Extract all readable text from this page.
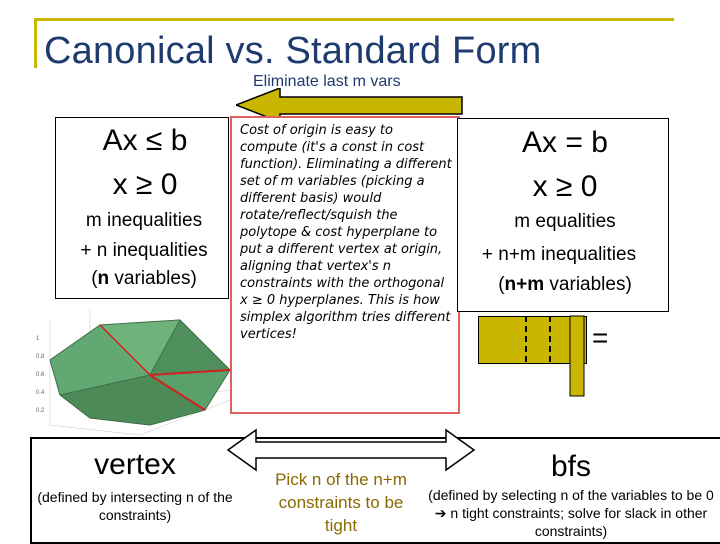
Canonical vs. Standard Form
Eliminate last m vars
Ax ≤ b
x ≥ 0
m inequalities
+ n inequalities
(n variables)
1
0.8
0.6
0.4
0.2
Cost of origin is easy to compute (it's a const in cost function). Eliminating a different set of m variables (picking a different basis) would rotate/reflect/squish the polytope & cost hyperplane to put a different vertex at origin, aligning that vertex's n constraints with the orthogonal x ≥ 0 hyperplanes. This is how simplex algorithm tries different vertices!
Ax = b
x ≥ 0
m equalities
+ n+m inequalities
(n+m variables)
=
vertex
(defined by intersecting n of the constraints)
Pick n of the n+m constraints to be tight
bfs
(defined by selecting n of the variables to be 0 ➔ n tight constraints; solve for slack in other constraints)
